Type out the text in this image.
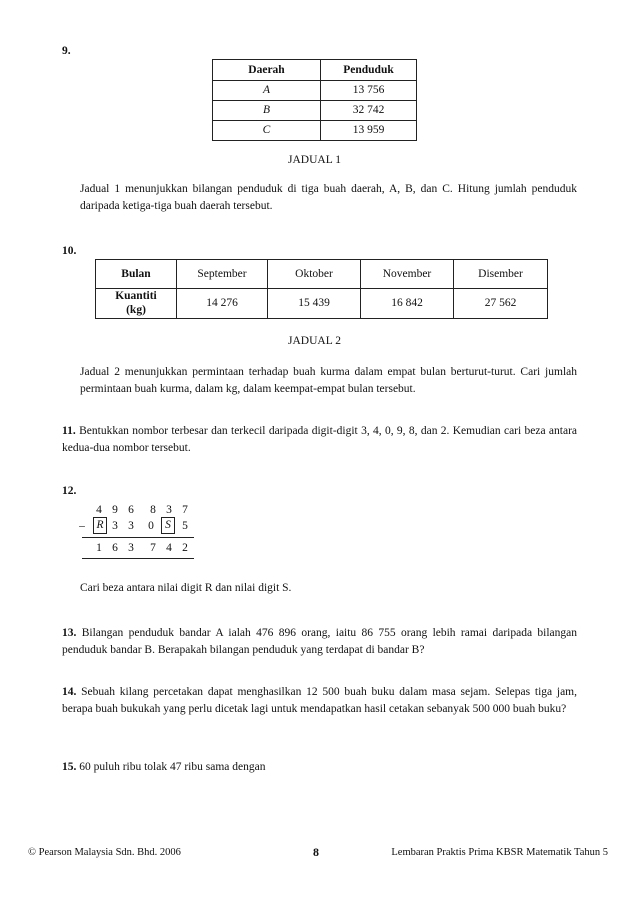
9.
Daerah	Penduduk
A	13 756
B	32 742
C	13 959
JADUAL 1
Jadual 1 menunjukkan bilangan penduduk di tiga buah daerah, A, B, dan C. Hitung jumlah penduduk daripada ketiga-tiga buah daerah tersebut.
10.
Bulan	September	Oktober	November	Disember
Kuantiti
(kg)	14 276	15 439	16 842	27 562
JADUAL 2
Jadual 2 menunjukkan permintaan terhadap buah kurma dalam empat bulan berturut-turut. Cari jumlah permintaan buah kurma, dalam kg, dalam keempat-empat bulan tersebut.
11. Bentukkan nombor terbesar dan terkecil daripada digit-digit 3, 4, 0, 9, 8, dan 2. Kemudian cari beza antara kedua-dua nombor tersebut.
12.
4 9 6 8 3 7
–	R 3 3 0 S 5
1 6 3 7 4 2
Cari beza antara nilai digit R dan nilai digit S.
13. Bilangan penduduk bandar A ialah 476 896 orang, iaitu 86 755 orang lebih ramai daripada bilangan penduduk bandar B. Berapakah bilangan penduduk yang terdapat di bandar B?
14. Sebuah kilang percetakan dapat menghasilkan 12 500 buah buku dalam masa sejam. Selepas tiga jam, berapa buah bukukah yang perlu dicetak lagi untuk mendapatkan hasil cetakan sebanyak 500 000 buah buku?
15. 60 puluh ribu tolak 47 ribu sama dengan
© Pearson Malaysia Sdn. Bhd. 2006	8	Lembaran Praktis Prima KBSR Matematik Tahun 5
